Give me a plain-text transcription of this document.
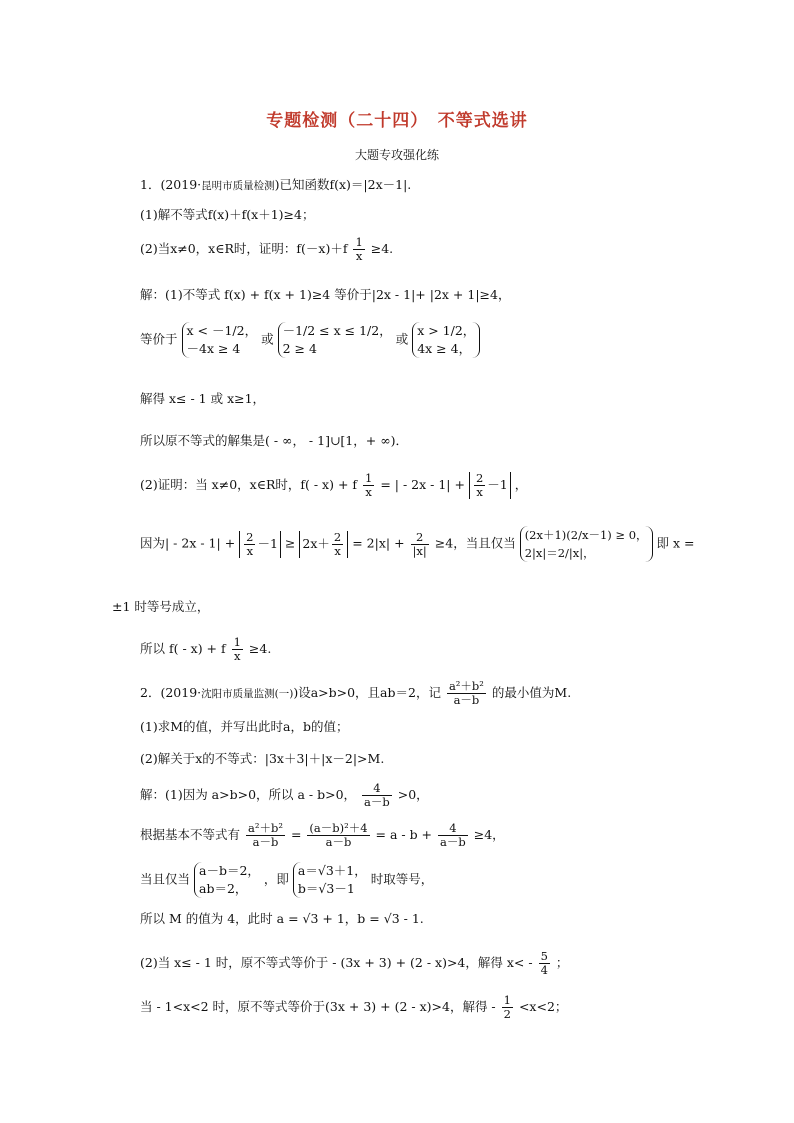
专题检测（二十四）　不等式选讲
大题专攻强化练
1．(2019·昆明市质量检测)已知函数f(x)＝|2x－1|.
(1)解不等式f(x)＋f(x＋1)≥4；
(2)当x≠0，x∈R时，证明：$f(-x)+f \frac{1}{x} \ge 4$.
解：(1)不等式 f(x) + f(x + 1)≥4 等价于|2x - 1|+ |2x + 1|≥4，
等价于
x < －1/2，
－4x ≥ 4
或
－1/2 ≤ x ≤ 1/2，
2 ≥ 4
或
x > 1/2，
4x ≥ 4，
解得 x≤ - 1 或 x≥1，
所以原不等式的解集是( - ∞， - 1]∪[1，+ ∞)．
(2)证明：当 x≠0，x∈R时，f( - x) + f $\frac{1}{x}$ = | - $2x - 1| + \frac{2}{x} -1$ ，
因为| - $2x - 1| + \frac{2}{x} -1 \ge 2x+ \frac{2}{x} = 2|x| + \frac{2}{|x|} \ge 4$，当且仅当
(2x＋1)(2/x－1) ≥ 0，
2|x|＝2/|x|，
即 x =
±1 时等号成立，
所以 f( - x) + f $\frac{1}{x} \ge 4$.
2．(2019·沈阳市质量监测(一))设a>b>0，且ab＝2，记 $\frac{\text{a²＋b²}}{a-b}$ 的最小值为M.
(1)求M的值，并写出此时a，b的值；
(2)解关于x的不等式：|3x＋3|＋|x－2|>M.
解：(1)因为 a>b>0，所以 a - b>0， $\frac{4}{a-b} >0$，
根据基本不等式有 $\frac{\text{a²＋b²}}{a-b} = \frac{\text{(a－b)²＋4}}{a-b} = a - b + \frac{4}{a-b} \ge 4$，
当且仅当
a－b＝2，
ab＝2，
，即
a＝√3＋1，
b＝√3－1
时取等号，
所以 M 的值为 4，此时 a = √3 + 1，b = √3 - 1.
(2)当 x≤ - 1 时，原不等式等价于 - (3x + 3) + (2 - x)>4，解得 $x< - \frac{5}{4}$ ；
当 - 1<x<2 时，原不等式等价于(3x + 3) + (2 - x)>4，解得 - $\frac{1}{2} <x<2$；
